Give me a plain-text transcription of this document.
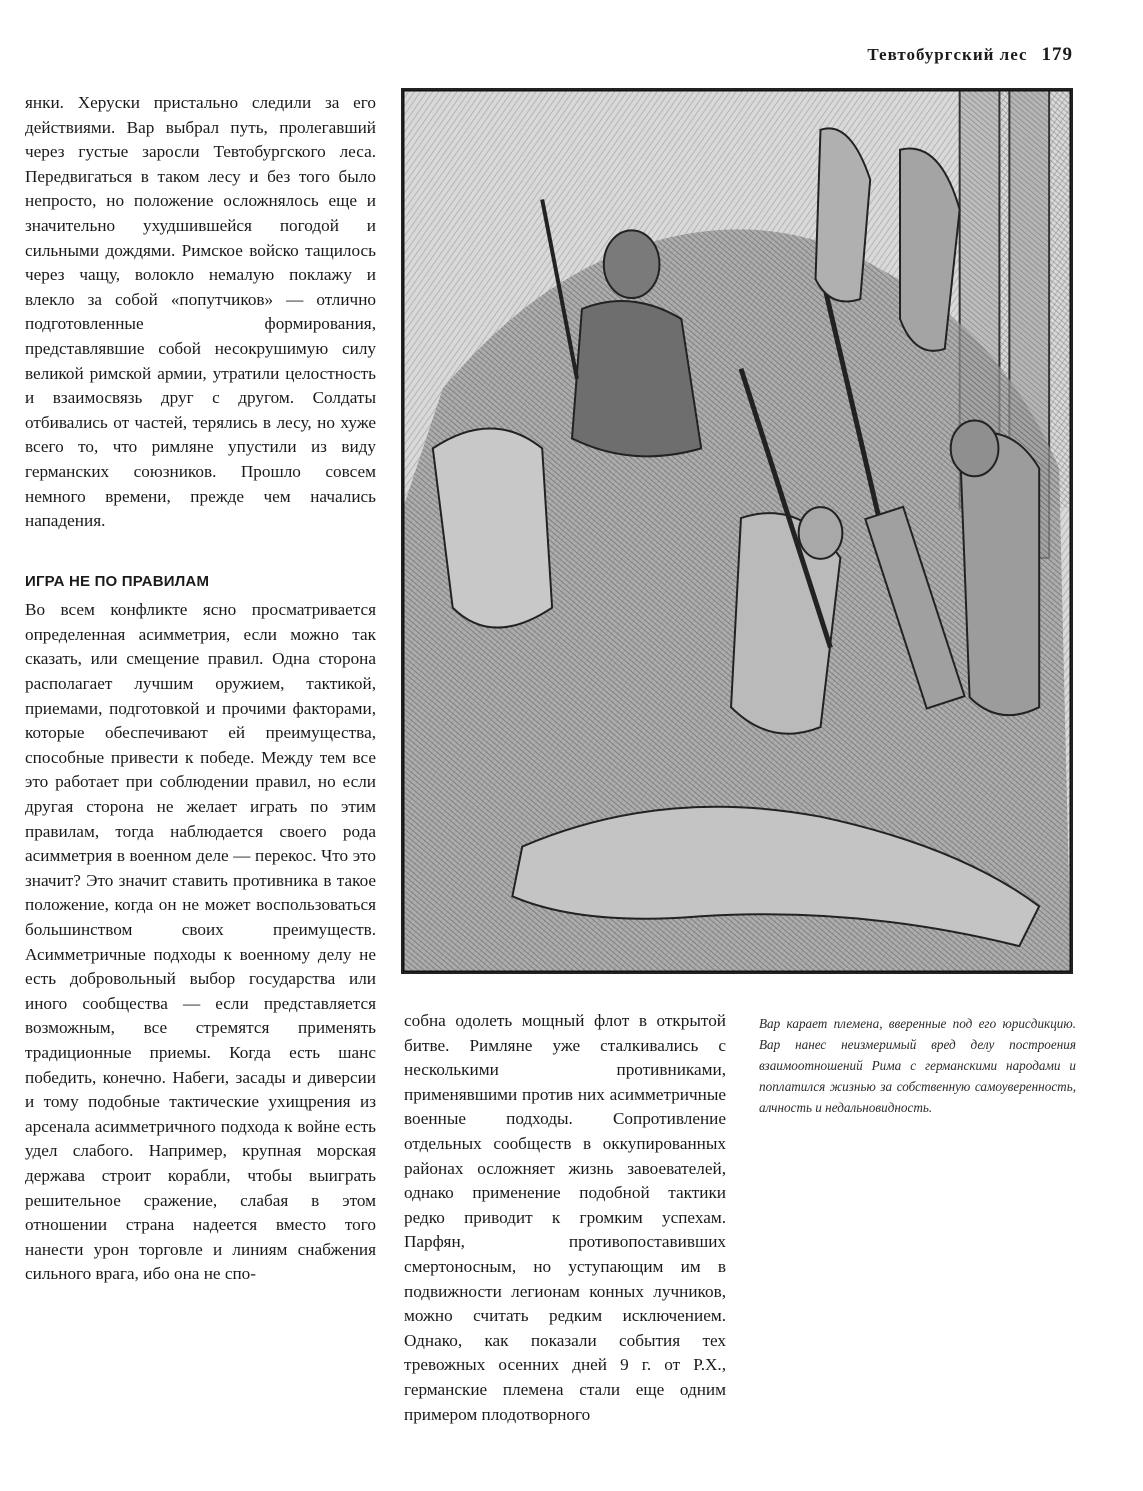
Тевтобургский лес 179

янки. Херуски пристально следили за его действиями. Вар выбрал путь, пролегавший через густые заросли Тевтобургского леса. Передвигаться в таком лесу и без того было непросто, но положение осложнялось еще и значительно ухудшившейся погодой и сильными дождями. Римское войско тащилось через чащу, волокло немалую поклажу и влекло за собой «попутчиков» — отлично подготовленные формирования, представлявшие собой несокрушимую силу великой римской армии, утратили целостность и взаимосвязь друг с другом. Солдаты отбивались от частей, терялись в лесу, но хуже всего то, что римляне упустили из виду германских союзников. Прошло совсем немного времени, прежде чем начались нападения.

ИГРА НЕ ПО ПРАВИЛАМ

Во всем конфликте ясно просматривается определенная асимметрия, если можно так сказать, или смещение правил. Одна сторона располагает лучшим оружием, тактикой, приемами, подготовкой и прочими факторами, которые обеспечивают ей преимущества, способные привести к победе. Между тем все это работает при соблюдении правил, но если другая сторона не желает играть по этим правилам, тогда наблюдается своего рода асимметрия в военном деле — перекос. Что это значит? Это значит ставить противника в такое положение, когда он не может воспользоваться большинством своих преимуществ. Асимметричные подходы к военному делу не есть добровольный выбор государства или иного сообщества — если представляется возможным, все стремятся применять традиционные приемы. Когда есть шанс победить, конечно. Набеги, засады и диверсии и тому подобные тактические ухищрения из арсенала асимметричного подхода к войне есть удел слабого. Например, крупная морская держава строит корабли, чтобы выиграть решительное сражение, слабая в этом отношении страна надеется вместо того нанести урон торговле и линиям снабжения сильного врага, ибо она не спо-

собна одолеть мощный флот в открытой битве. Римляне уже сталкивались с несколькими противниками, применявшими против них асимметричные военные подходы. Сопротивление отдельных сообществ в оккупированных районах осложняет жизнь завоевателей, однако применение подобной тактики редко приводит к громким успехам. Парфян, противопоставивших смертоносным, но уступающим им в подвижности легионам конных лучников, можно считать редким исключением. Однако, как показали события тех тревожных осенних дней 9 г. от Р.Х., германские племена стали еще одним примером плодотворного

Вар карает племена, вверенные под его юрисдикцию. Вар нанес неизмеримый вред делу построения взаимоотношений Рима с германскими народами и поплатился жизнью за собственную самоуверенность, алчность и недальновидность.
